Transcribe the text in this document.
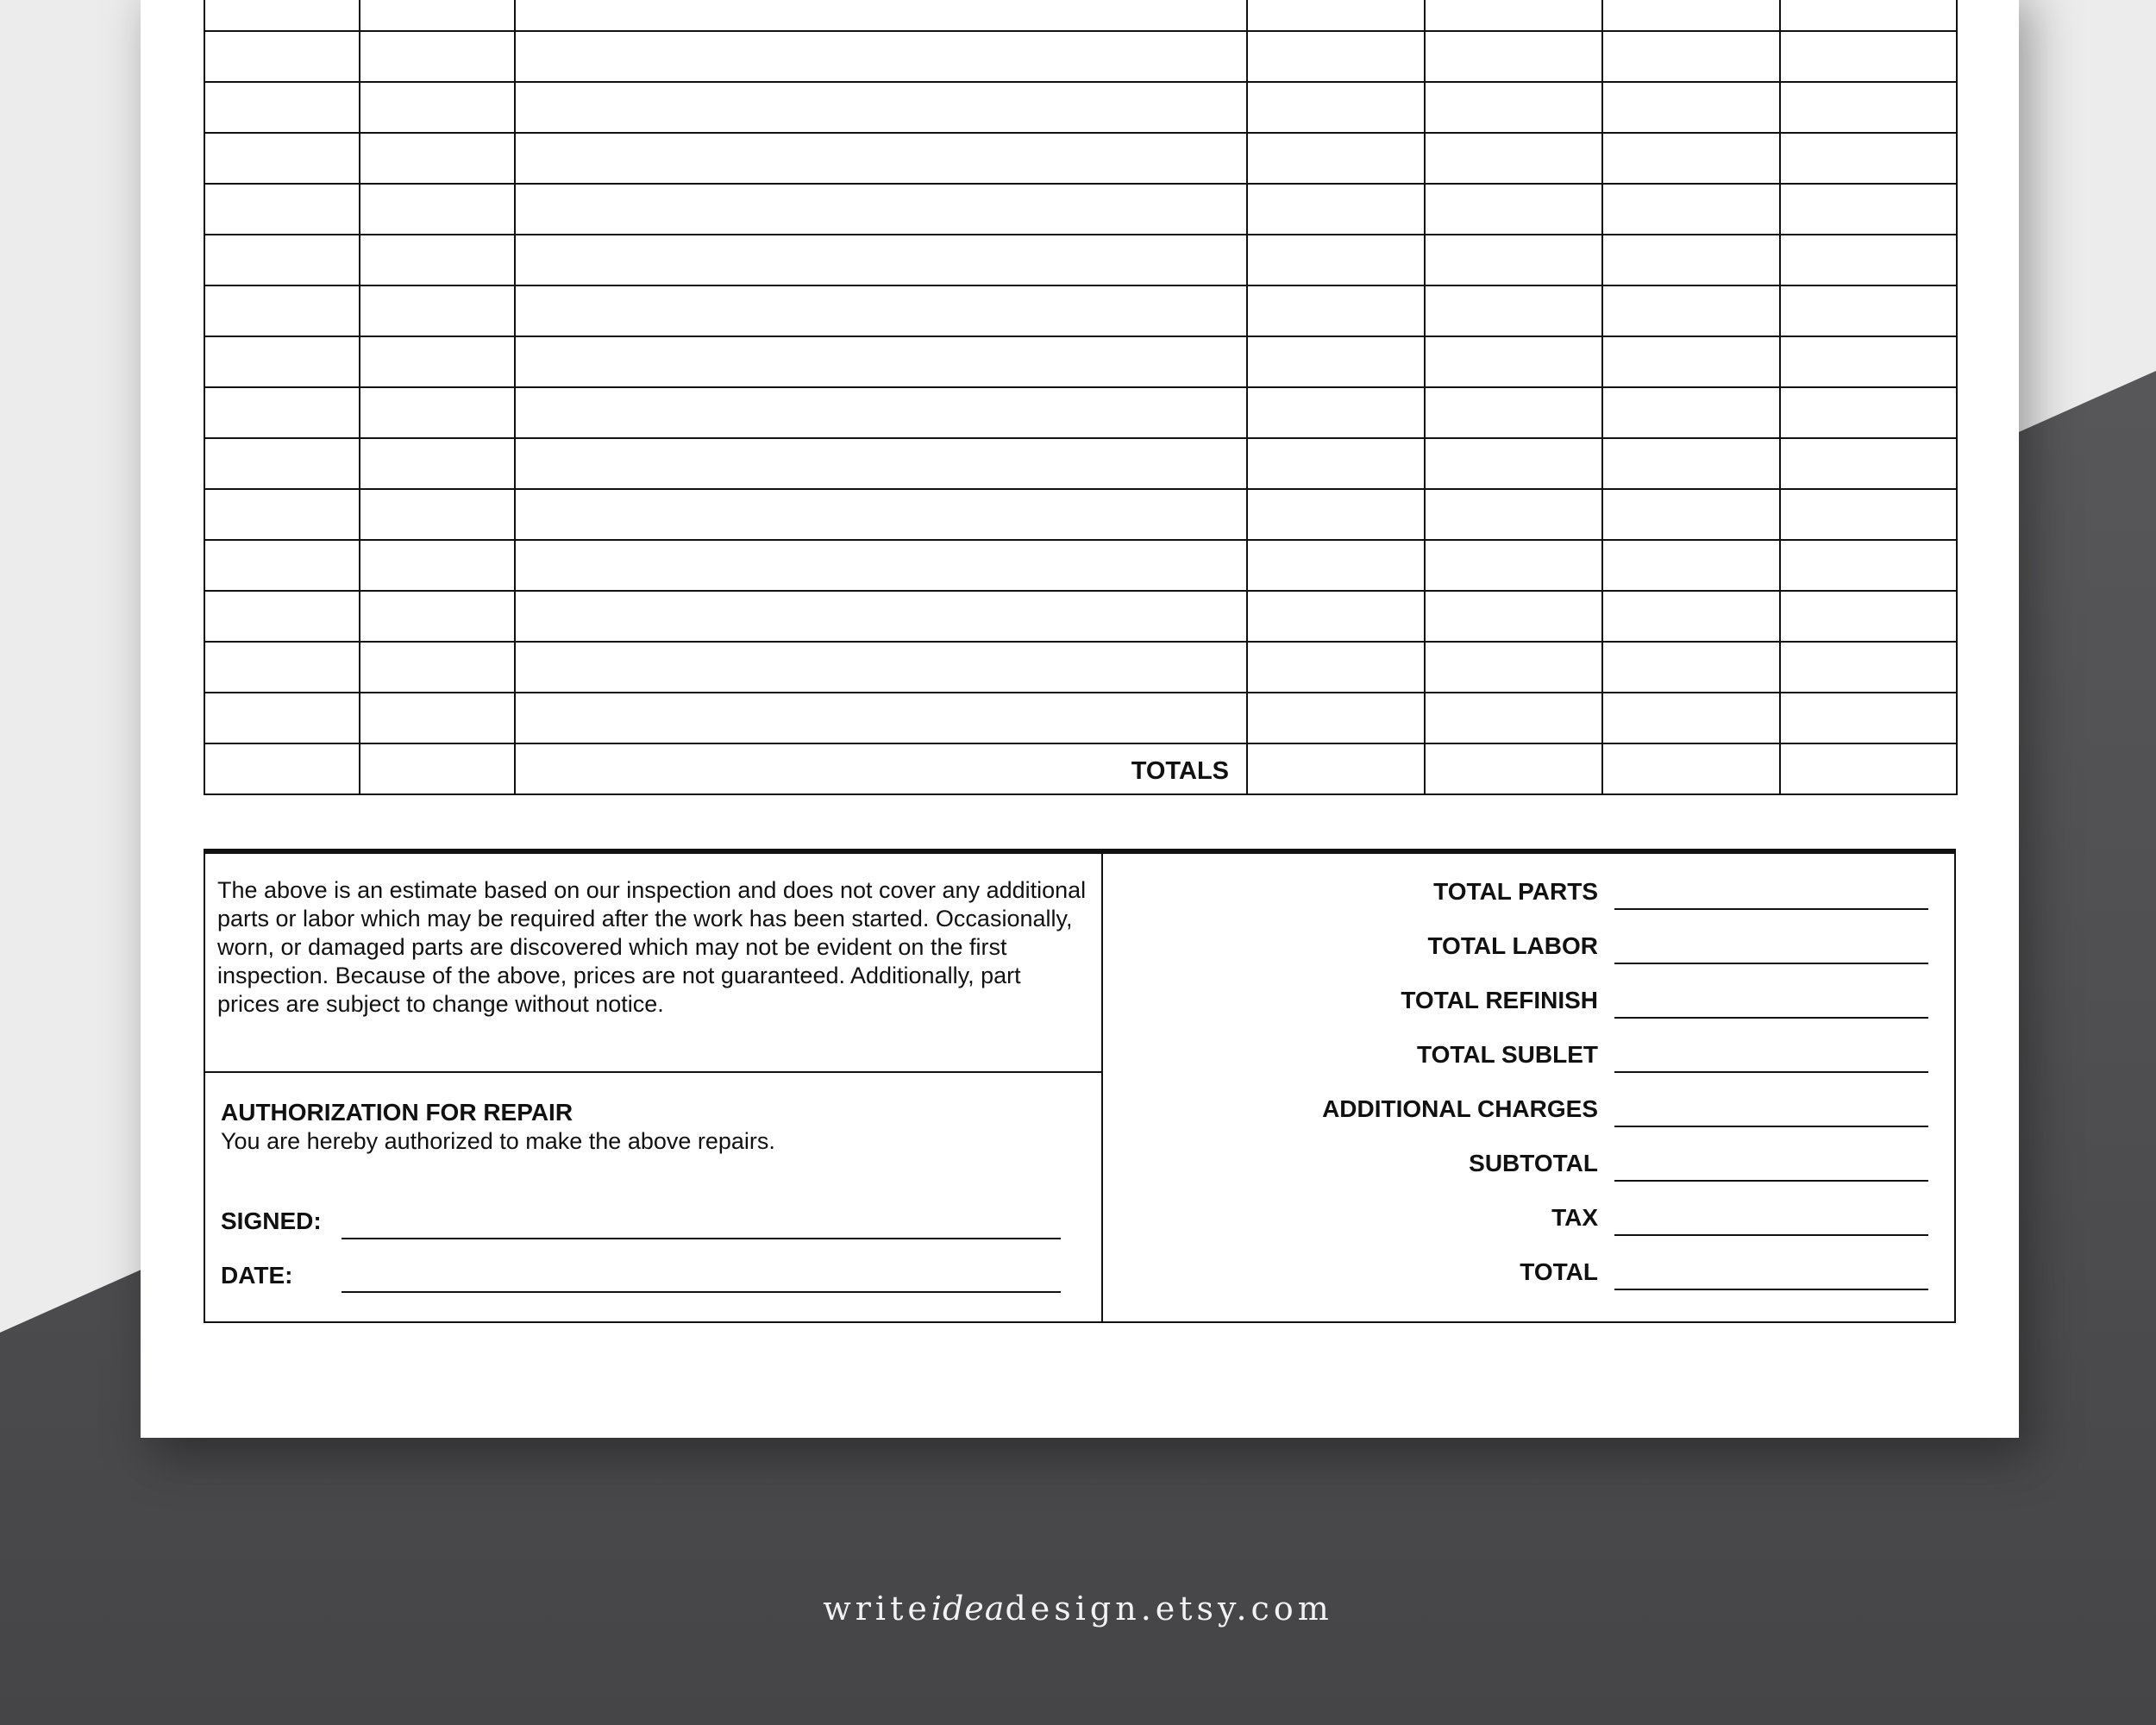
		TOTALS				
The above is an estimate based on our inspection and does not cover any additional parts or labor which may be required after the work has been started. Occasionally, worn, or damaged parts are discovered which may not be evident on the first inspection. Because of the above, prices are not guaranteed. Additionally, part prices are subject to change without notice.
AUTHORIZATION FOR REPAIR
You are hereby authorized to make the above repairs.
SIGNED:
DATE:
TOTAL PARTS
TOTAL LABOR
TOTAL REFINISH
TOTAL SUBLET
ADDITIONAL CHARGES
SUBTOTAL
TAX
TOTAL
writeideadesign.etsy.com
